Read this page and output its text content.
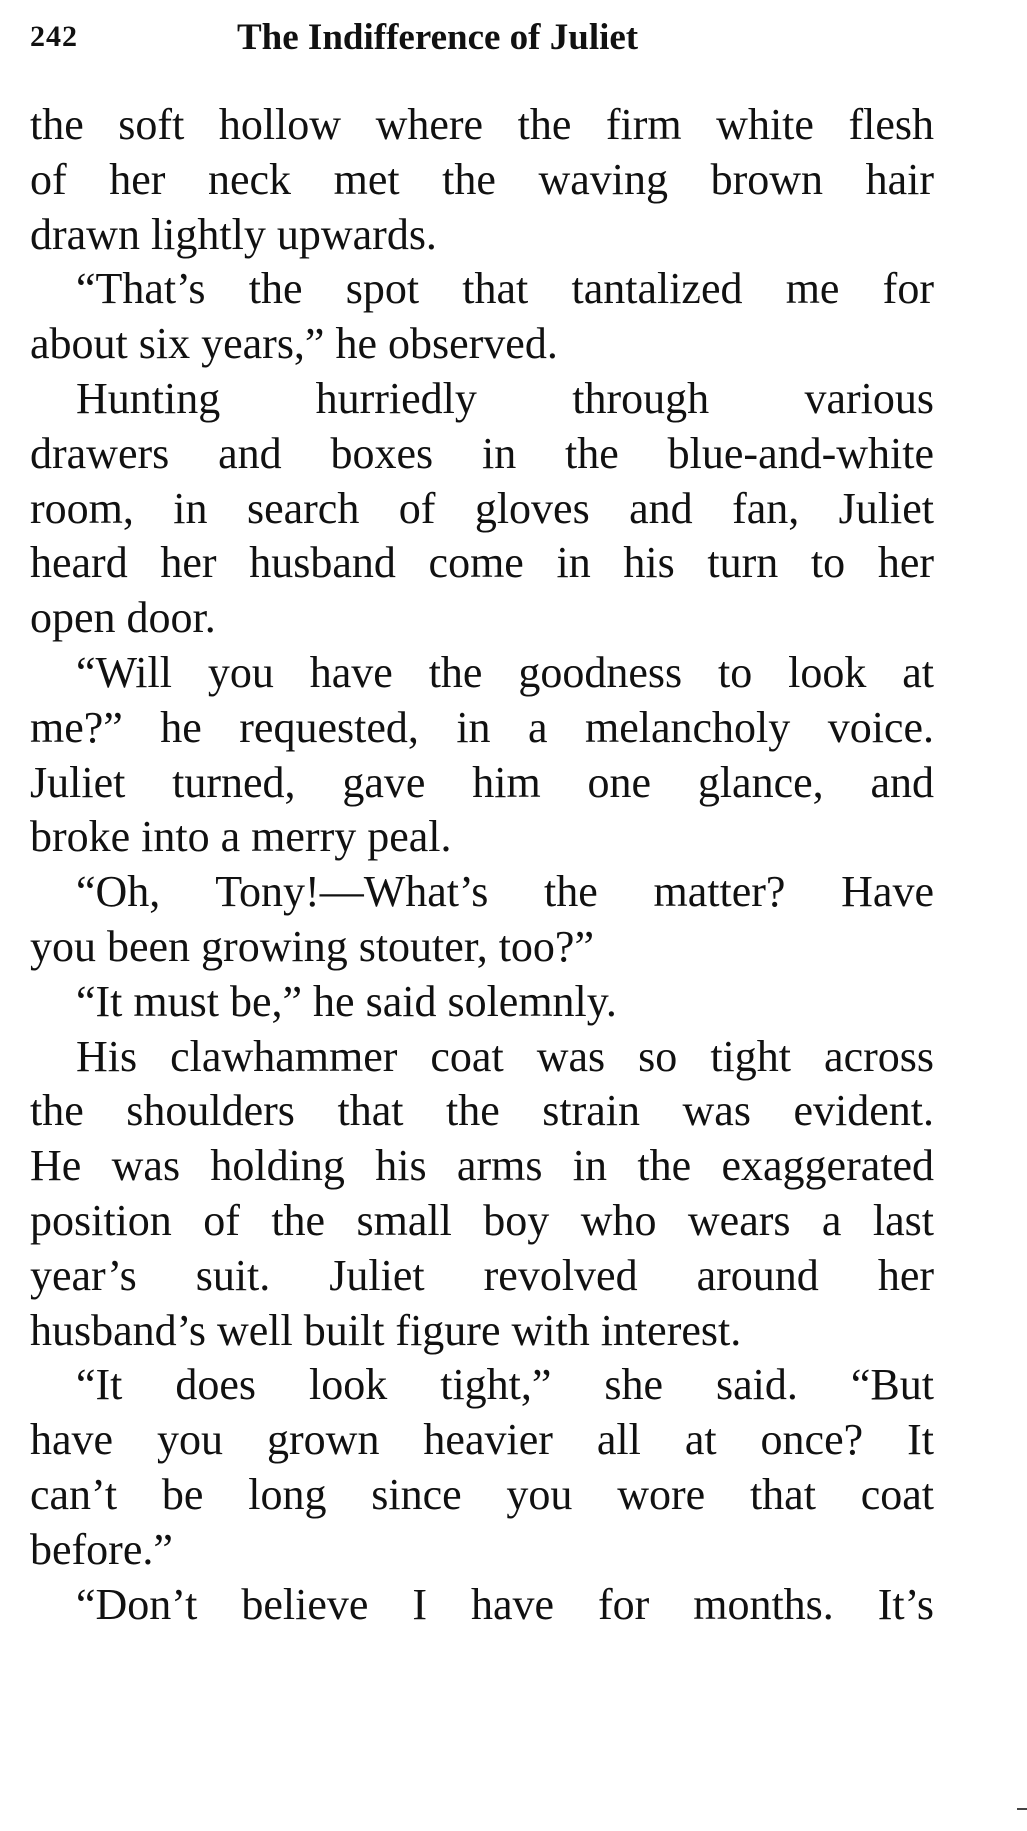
242	The Indifference of Juliet
the soft hollow where the firm white flesh
of her neck met the waving brown hair
drawn lightly upwards.
“That’s the spot that tantalized me for
about six years,” he observed.
Hunting hurriedly through various
drawers and boxes in the blue-and-white
room, in search of gloves and fan, Juliet
heard her husband come in his turn to her
open door.
“Will you have the goodness to look at
me?” he requested, in a melancholy voice.
Juliet turned, gave him one glance, and
broke into a merry peal.
“Oh, Tony!—What’s the matter? Have
you been growing stouter, too?”
“It must be,” he said solemnly.
His clawhammer coat was so tight across
the shoulders that the strain was evident.
He was holding his arms in the exaggerated
position of the small boy who wears a last
year’s suit. Juliet revolved around her
husband’s well built figure with interest.
“It does look tight,” she said. “But
have you grown heavier all at once? It
can’t be long since you wore that coat
before.”
“Don’t believe I have for months. It’s
